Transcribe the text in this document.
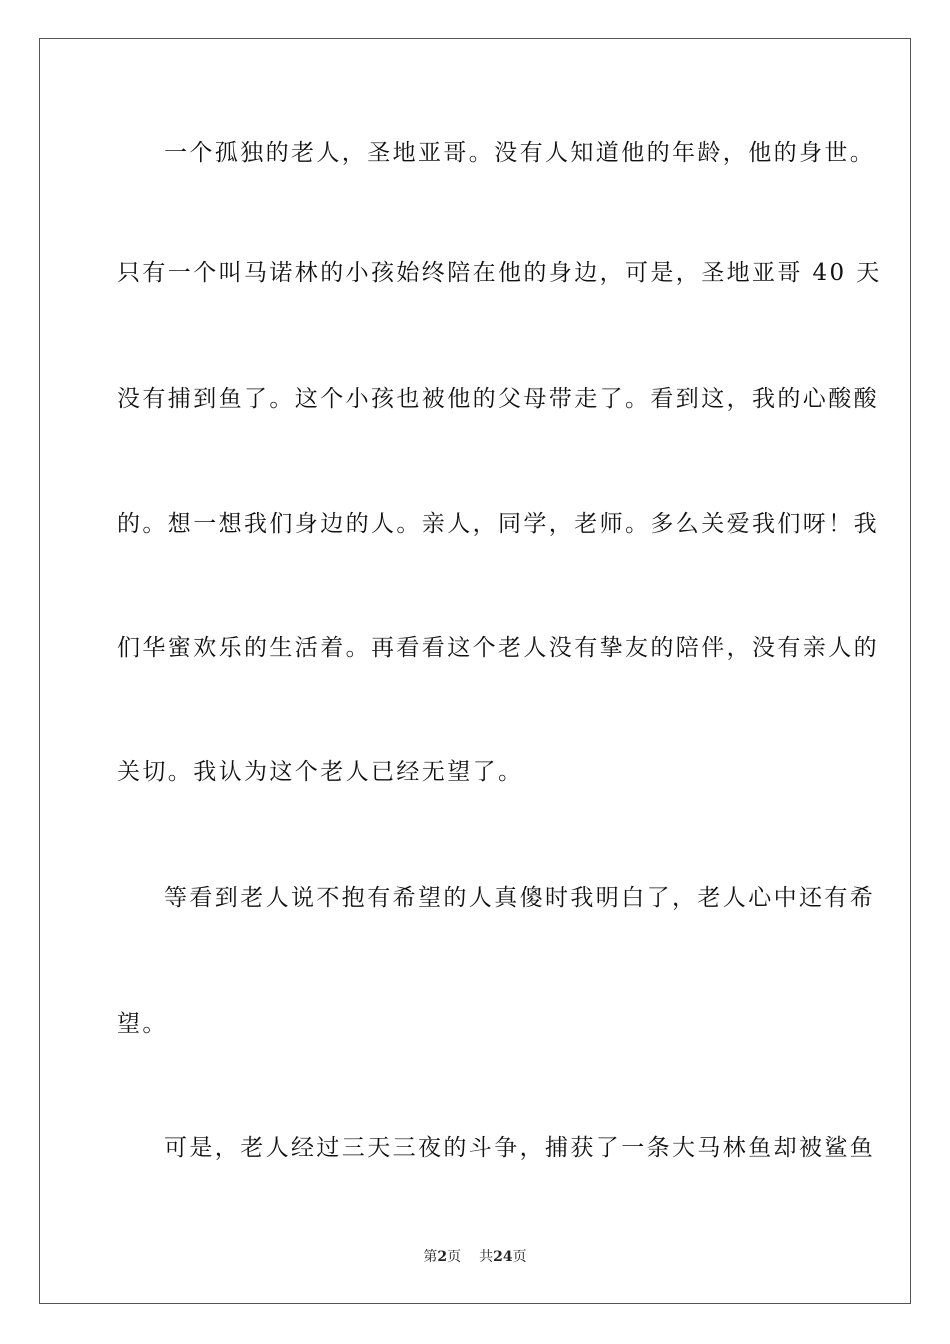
一个孤独的老人，圣地亚哥。没有人知道他的年龄，他的身世。
只有一个叫马诺林的小孩始终陪在他的身边，可是，圣地亚哥 40 天
没有捕到鱼了。这个小孩也被他的父母带走了。看到这，我的心酸酸
的。想一想我们身边的人。亲人，同学，老师。多么关爱我们呀！我
们华蜜欢乐的生活着。再看看这个老人没有挚友的陪伴，没有亲人的
关切。我认为这个老人已经无望了。
等看到老人说不抱有希望的人真傻时我明白了，老人心中还有希
望。
可是，老人经过三天三夜的斗争，捕获了一条大马林鱼却被鲨鱼
第2页 共24页
